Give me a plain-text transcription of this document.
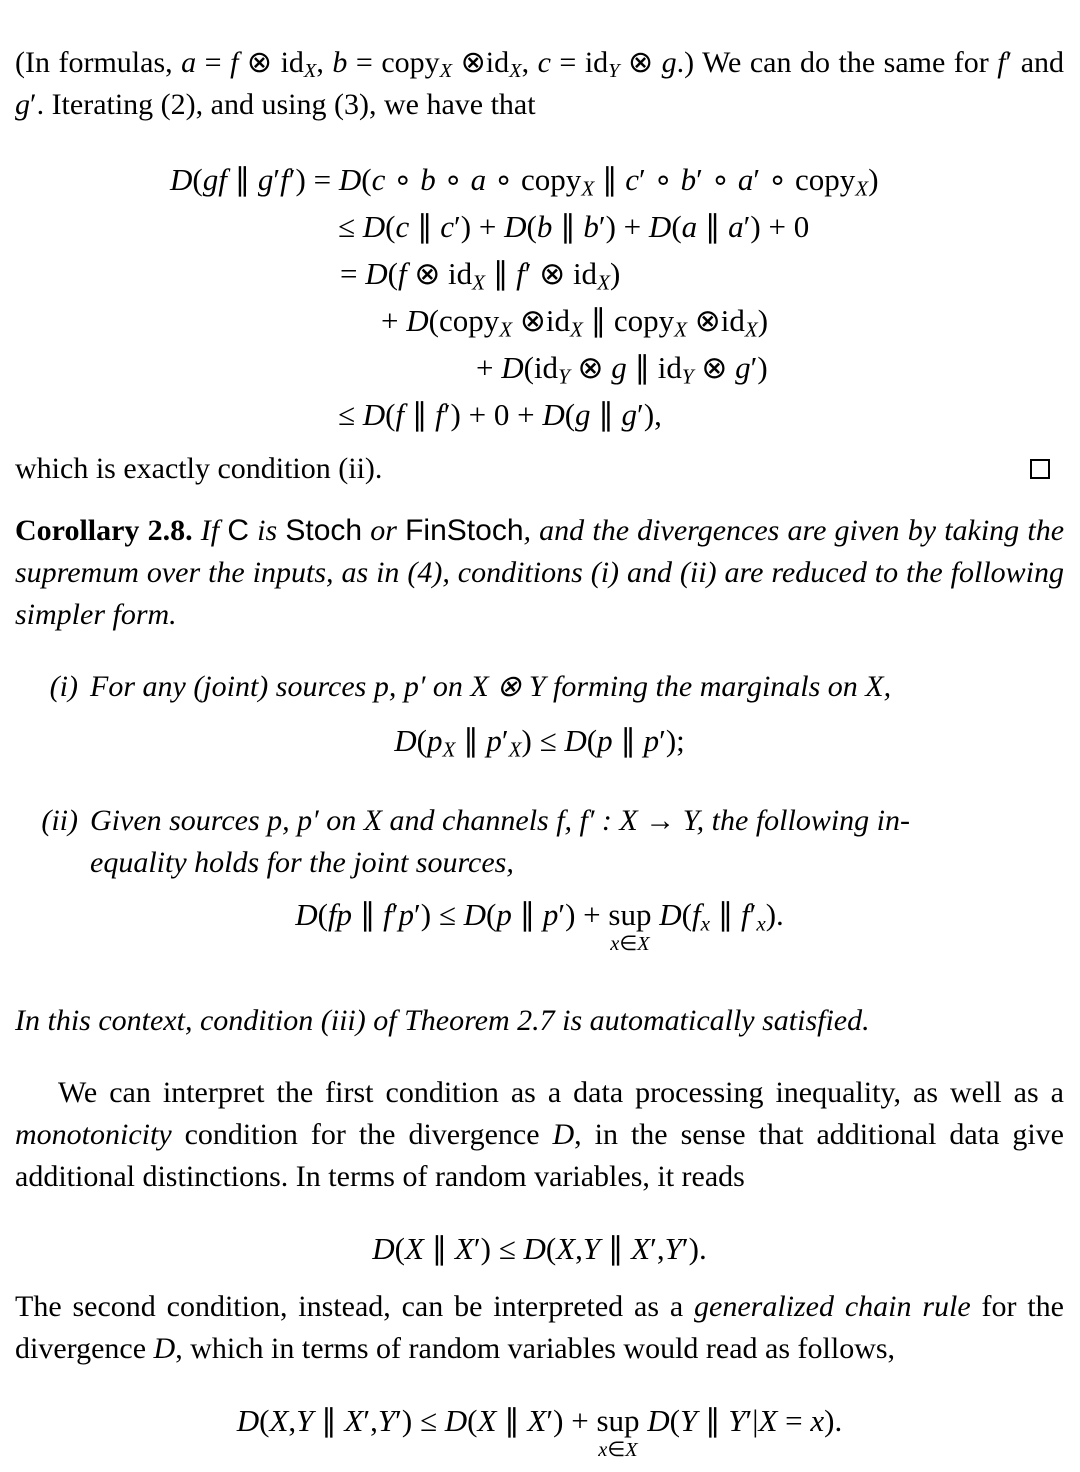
(In formulas, a = f ⊗ $id_X$, b = copy$_X$ $\otimes id_X$, $c = id_Y$ ⊗ g.) We can do the same for f′ and g′. Iterating (2), and using (3), we have that

D(gf ∥ g′f′) = D(c ∘ b ∘ a ∘ copy$_X$ ∥ c′ ∘ b′ ∘ a′ ∘ copy$_X$)
≤ D(c ∥ c′) + D(b ∥ b′) + D(a ∥ a′) + 0
= D(f ⊗ $id_X$ ∥ f′ ⊗ $id_X$)
+ D(copy$_X$ $\otimes id_X$ ∥ copy$_X$ $\otimes id_X$)
+ $D(id_Y$ ⊗ g ∥ $id_Y$ ⊗ g′)
≤ D(f ∥ f′) + 0 + D(g ∥ g′),
which is exactly condition (ii).

Corollary 2.8. If C is Stoch or FinStoch, and the divergences are given by taking the supremum over the inputs, as in (4), conditions (i) and (ii) are reduced to the following simpler form.

(i) For any (joint) sources p, p′ on X ⊗ Y forming the marginals on X,
$D(p_X$ ∥ $p'_X) \le D(p$ ∥ p′);
(ii) Given sources p, p′ on X and channels f, f′ : X → Y, the following in-
equality holds for the joint sources,
D(fp ∥ f′p′) ≤ D(p ∥ p′) + sup
x∈X
$D(f_x$ ∥ $f'_x$).

In this context, condition (iii) of Theorem 2.7 is automatically satisfied.

We can interpret the first condition as a data processing inequality, as well as a monotonicity condition for the divergence D, in the sense that additional data give additional distinctions. In terms of random variables, it reads

D(X ∥ X′) ≤ D(X,Y ∥ X′,Y′).

The second condition, instead, can be interpreted as a generalized chain rule for the divergence D, which in terms of random variables would read as follows,

D(X,Y ∥ X′,Y′) ≤ D(X ∥ X′) + sup
x∈X
D(Y ∥ Y′|X = x).
